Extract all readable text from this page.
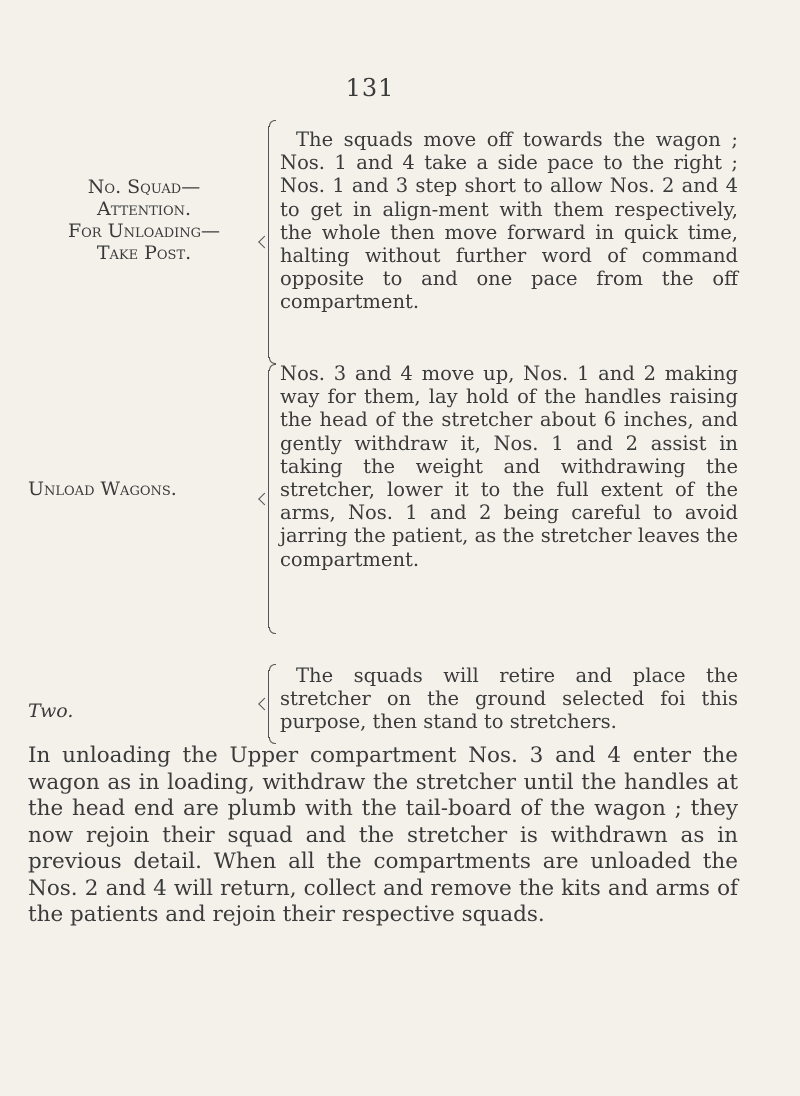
131
No. Squad—
Attention.
For Unloading—
Take Post.

The squads move off towards the wagon ; Nos. 1 and 4 take a side pace to the right ; Nos. 1 and 3 step short to allow Nos. 2 and 4 to get in align-ment with them respectively, the whole then move forward in quick time, halting without further word of command opposite to and one pace from the off compartment.

Unload Wagons.

Nos. 3 and 4 move up, Nos. 1 and 2 making way for them, lay hold of the handles raising the head of the stretcher about 6 inches, and gently withdraw it, Nos. 1 and 2 assist in taking the weight and withdrawing the stretcher, lower it to the full extent of the arms, Nos. 1 and 2 being careful to avoid jarring the patient, as the stretcher leaves the compartment.

Two.

The squads will retire and place the stretcher on the ground selected foi this purpose, then stand to stretchers.

In unloading the Upper compartment Nos. 3 and 4 enter the wagon as in loading, withdraw the stretcher until the handles at the head end are plumb with the tail-board of the wagon ; they now rejoin their squad and the stretcher is withdrawn as in previous detail. When all the compartments are unloaded the Nos. 2 and 4 will return, collect and remove the kits and arms of the patients and rejoin their respective squads.
